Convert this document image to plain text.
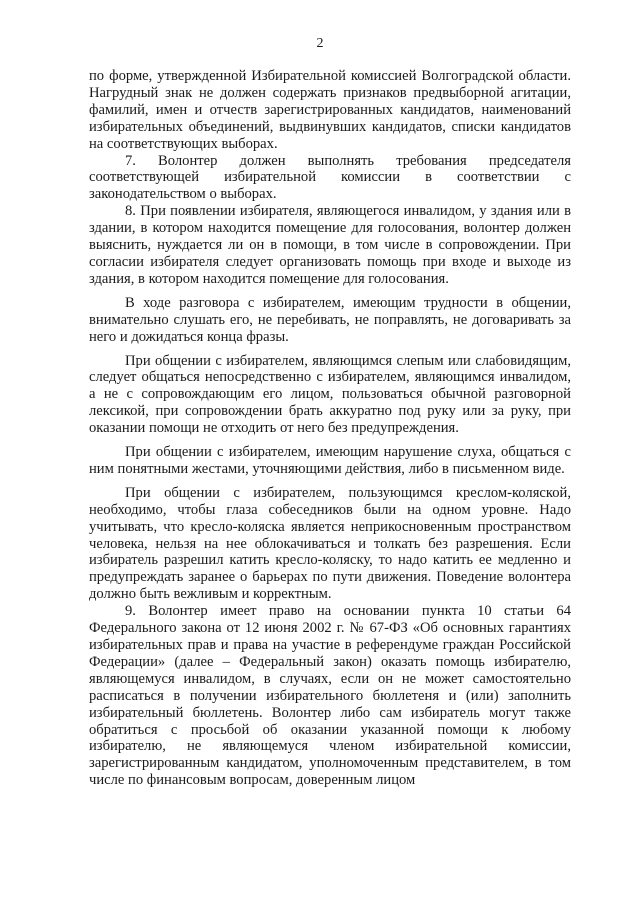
2

по форме, утвержденной Избирательной комиссией Волгоградской области. Нагрудный знак не должен содержать признаков предвыборной агитации, фамилий, имен и отчеств зарегистрированных кандидатов, наименований избирательных объединений, выдвинувших кандидатов, списки кандидатов на соответствующих выборах.

7. Волонтер должен выполнять требования председателя соответствующей избирательной комиссии в соответствии с законодательством о выборах.

8. При появлении избирателя, являющегося инвалидом, у здания или в здании, в котором находится помещение для голосования, волонтер должен выяснить, нуждается ли он в помощи, в том числе в сопровождении. При согласии избирателя следует организовать помощь при входе и выходе из здания, в котором находится помещение для голосования.

В ходе разговора с избирателем, имеющим трудности в общении, внимательно слушать его, не перебивать, не поправлять, не договаривать за него и дожидаться конца фразы.

При общении с избирателем, являющимся слепым или слабовидящим, следует общаться непосредственно с избирателем, являющимся инвалидом, а не с сопровождающим его лицом, пользоваться обычной разговорной лексикой, при сопровождении брать аккуратно под руку или за руку, при оказании помощи не отходить от него без предупреждения.

При общении с избирателем, имеющим нарушение слуха, общаться с ним понятными жестами, уточняющими действия, либо в письменном виде.

При общении с избирателем, пользующимся креслом-коляской, необходимо, чтобы глаза собеседников были на одном уровне. Надо учитывать, что кресло-коляска является неприкосновенным пространством человека, нельзя на нее облокачиваться и толкать без разрешения. Если избиратель разрешил катить кресло-коляску, то надо катить ее медленно и предупреждать заранее о барьерах по пути движения. Поведение волонтера должно быть вежливым и корректным.

9. Волонтер имеет право на основании пункта 10 статьи 64 Федерального закона от 12 июня 2002 г. № 67-ФЗ «Об основных гарантиях избирательных прав и права на участие в референдуме граждан Российской Федерации» (далее – Федеральный закон) оказать помощь избирателю, являющемуся инвалидом, в случаях, если он не может самостоятельно расписаться в получении избирательного бюллетеня и (или) заполнить избирательный бюллетень. Волонтер либо сам избиратель могут также обратиться с просьбой об оказании указанной помощи к любому избирателю, не являющемуся членом избирательной комиссии, зарегистрированным кандидатом, уполномоченным представителем, в том числе по финансовым вопросам, доверенным лицом
